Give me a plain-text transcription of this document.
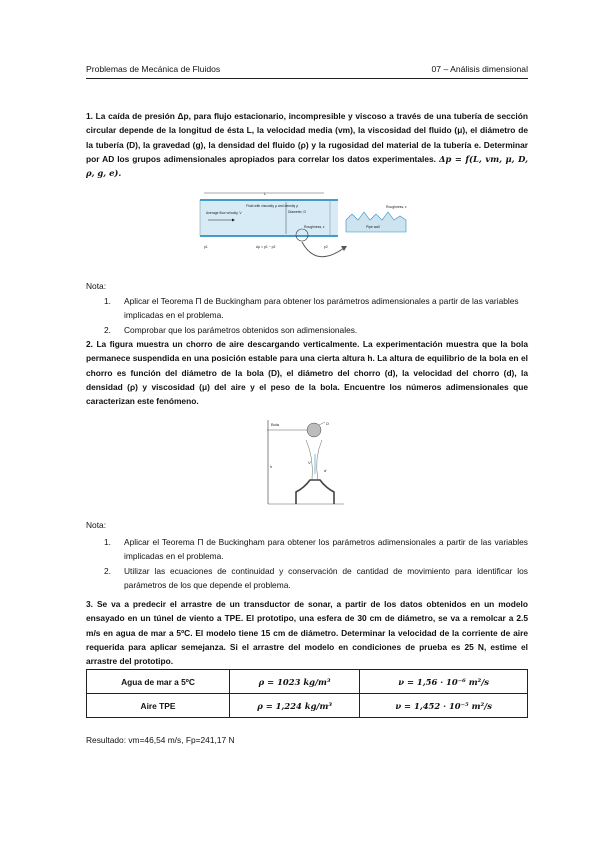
Problemas de Mecánica de Fluidos	07 – Análisis dimensional
1. La caída de presión Δp, para flujo estacionario, incompresible y viscoso a través de una tubería de sección circular depende de la longitud de ésta L, la velocidad media (vm), la viscosidad del fluido (μ), el diámetro de la tubería (D), la gravedad (g), la densidad del fluido (ρ) y la rugosidad del material de la tubería e. Determinar por AD los grupos adimensionales apropiados para correlar los datos experimentales. Δp = f(L, vm, μ, D, ρ, g, e).
L
Average flow velocity, V
Fluid with viscosity μ and density ρ
Diameter, D
Roughness, ε
p1	p2
Δp = p1 − p2
Roughness, ε
Pipe wall
Nota:
1. Aplicar el Teorema Π de Buckingham para obtener los parámetros adimensionales a partir de las variables implicadas en el problema.
2. Comprobar que los parámetros obtenidos son adimensionales.
2. La figura muestra un chorro de aire descargando verticalmente. La experimentación muestra que la bola permanece suspendida en una posición estable para una cierta altura h. La altura de equilibrio de la bola en el chorro es función del diámetro de la bola (D), el diámetro del chorro (d), la velocidad del chorro (d), la densidad (ρ) y viscosidad (μ) del aire y el peso de la bola. Encuentre los números adimensionales que caracterizan este fenómeno.
Bola	D
V
d
h
Nota:
1. Aplicar el Teorema Π de Buckingham para obtener los parámetros adimensionales a partir de las variables implicadas en el problema.
2. Utilizar las ecuaciones de continuidad y conservación de cantidad de movimiento para identificar los parámetros de los que depende el problema.
3. Se va a predecir el arrastre de un transductor de sonar, a partir de los datos obtenidos en un modelo ensayado en un túnel de viento a TPE. El prototipo, una esfera de 30 cm de diámetro, se va a remolcar a 2.5 m/s en agua de mar a 5ºC. El modelo tiene 15 cm de diámetro. Determinar la velocidad de la corriente de aire requerida para aplicar semejanza. Si el arrastre del modelo en condiciones de prueba es 25 N, estime el arrastre del prototipo.
Agua de mar a 5ºC	ρ = 1023 kg/m³	ν = 1,56 · 10⁻⁶ m²/s
Aire TPE	ρ = 1,224 kg/m³	ν = 1,452 · 10⁻⁵ m²/s
Resultado: vm=46,54 m/s, Fp=241,17 N
